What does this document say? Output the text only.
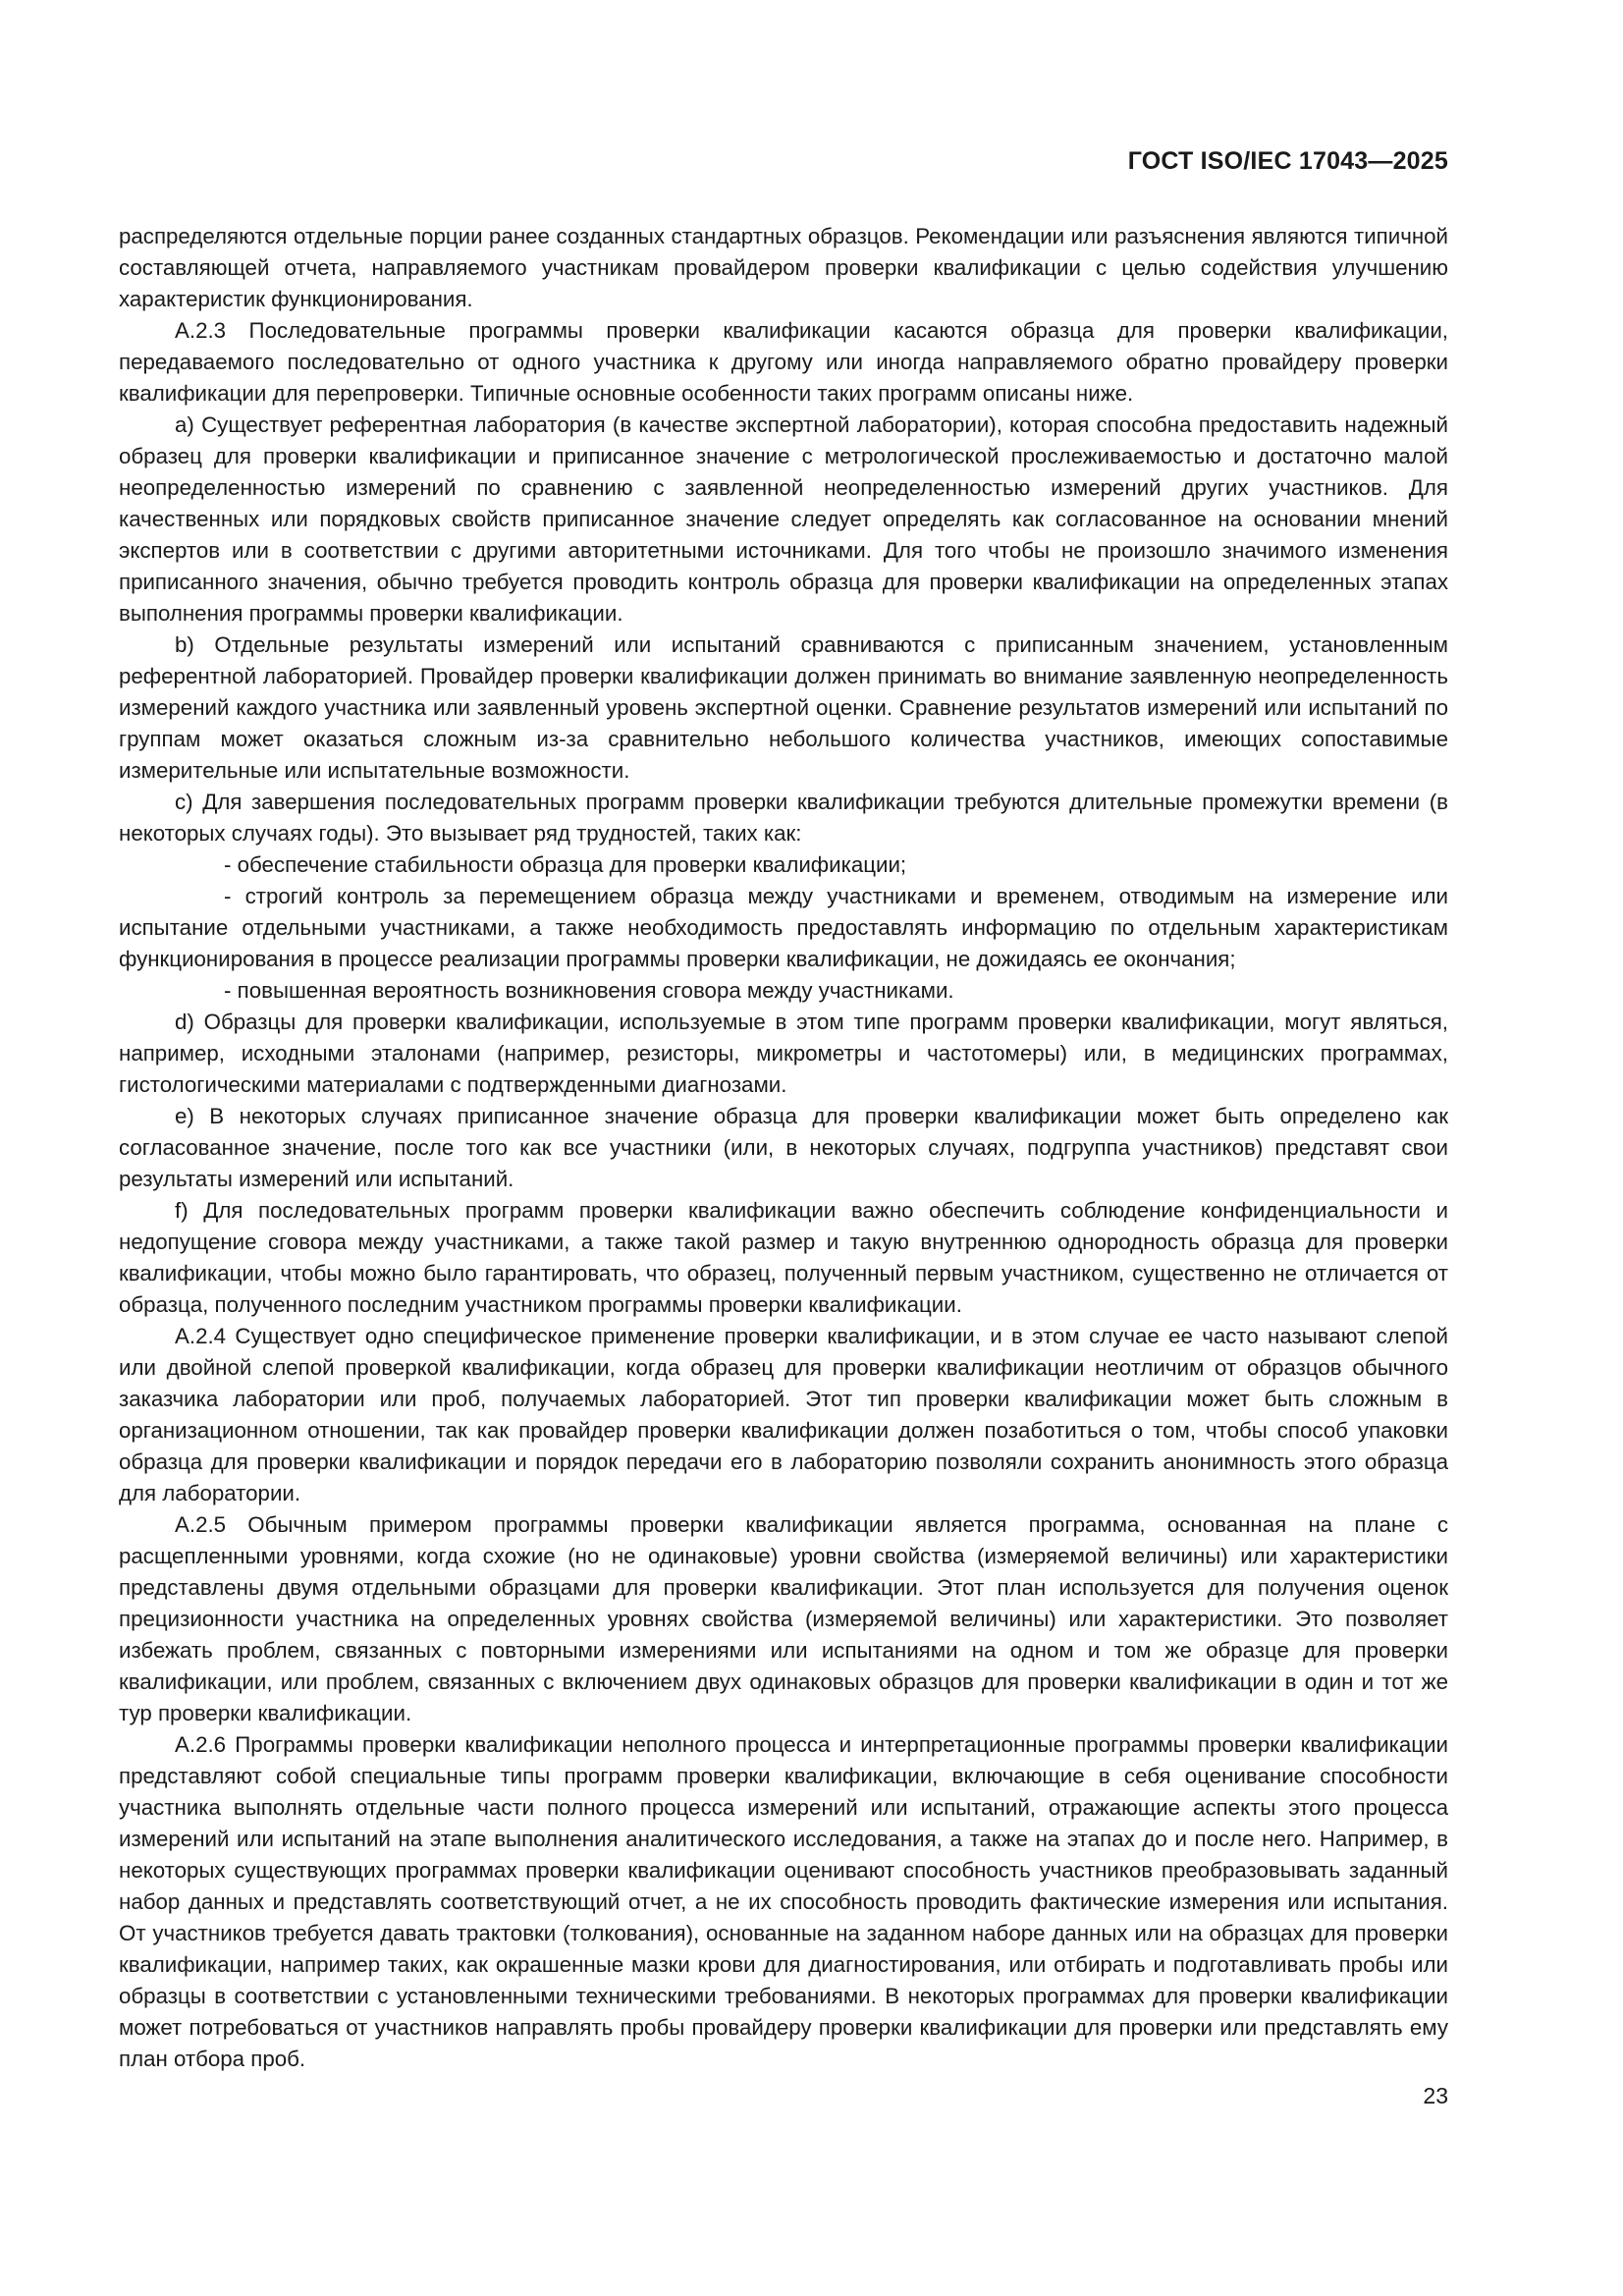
ГОСТ ISO/IEC 17043—2025

распределяются отдельные порции ранее созданных стандартных образцов. Рекомендации или разъяснения являются типичной составляющей отчета, направляемого участникам провайдером проверки квалификации с целью содействия улучшению характеристик функционирования.

А.2.3 Последовательные программы проверки квалификации касаются образца для проверки квалификации, передаваемого последовательно от одного участника к другому или иногда направляемого обратно провайдеру проверки квалификации для перепроверки. Типичные основные особенности таких программ описаны ниже.

a) Существует референтная лаборатория (в качестве экспертной лаборатории), которая способна предоставить надежный образец для проверки квалификации и приписанное значение с метрологической прослеживаемостью и достаточно малой неопределенностью измерений по сравнению с заявленной неопределенностью измерений других участников. Для качественных или порядковых свойств приписанное значение следует определять как согласованное на основании мнений экспертов или в соответствии с другими авторитетными источниками. Для того чтобы не произошло значимого изменения приписанного значения, обычно требуется проводить контроль образца для проверки квалификации на определенных этапах выполнения программы проверки квалификации.

b) Отдельные результаты измерений или испытаний сравниваются с приписанным значением, установленным референтной лабораторией. Провайдер проверки квалификации должен принимать во внимание заявленную неопределенность измерений каждого участника или заявленный уровень экспертной оценки. Сравнение результатов измерений или испытаний по группам может оказаться сложным из-за сравнительно небольшого количества участников, имеющих сопоставимые измерительные или испытательные возможности.

c) Для завершения последовательных программ проверки квалификации требуются длительные промежутки времени (в некоторых случаях годы). Это вызывает ряд трудностей, таких как:

- обеспечение стабильности образца для проверки квалификации;
- строгий контроль за перемещением образца между участниками и временем, отводимым на измерение или испытание отдельными участниками, а также необходимость предоставлять информацию по отдельным характеристикам функционирования в процессе реализации программы проверки квалификации, не дожидаясь ее окончания;
- повышенная вероятность возникновения сговора между участниками.

d) Образцы для проверки квалификации, используемые в этом типе программ проверки квалификации, могут являться, например, исходными эталонами (например, резисторы, микрометры и частотомеры) или, в медицинских программах, гистологическими материалами с подтвержденными диагнозами.

e) В некоторых случаях приписанное значение образца для проверки квалификации может быть определено как согласованное значение, после того как все участники (или, в некоторых случаях, подгруппа участников) представят свои результаты измерений или испытаний.

f) Для последовательных программ проверки квалификации важно обеспечить соблюдение конфиденциальности и недопущение сговора между участниками, а также такой размер и такую внутреннюю однородность образца для проверки квалификации, чтобы можно было гарантировать, что образец, полученный первым участником, существенно не отличается от образца, полученного последним участником программы проверки квалификации.

А.2.4 Существует одно специфическое применение проверки квалификации, и в этом случае ее часто называют слепой или двойной слепой проверкой квалификации, когда образец для проверки квалификации неотличим от образцов обычного заказчика лаборатории или проб, получаемых лабораторией. Этот тип проверки квалификации может быть сложным в организационном отношении, так как провайдер проверки квалификации должен позаботиться о том, чтобы способ упаковки образца для проверки квалификации и порядок передачи его в лабораторию позволяли сохранить анонимность этого образца для лаборатории.

А.2.5 Обычным примером программы проверки квалификации является программа, основанная на плане с расщепленными уровнями, когда схожие (но не одинаковые) уровни свойства (измеряемой величины) или характеристики представлены двумя отдельными образцами для проверки квалификации. Этот план используется для получения оценок прецизионности участника на определенных уровнях свойства (измеряемой величины) или характеристики. Это позволяет избежать проблем, связанных с повторными измерениями или испытаниями на одном и том же образце для проверки квалификации, или проблем, связанных с включением двух одинаковых образцов для проверки квалификации в один и тот же тур проверки квалификации.

А.2.6 Программы проверки квалификации неполного процесса и интерпретационные программы проверки квалификации представляют собой специальные типы программ проверки квалификации, включающие в себя оценивание способности участника выполнять отдельные части полного процесса измерений или испытаний, отражающие аспекты этого процесса измерений или испытаний на этапе выполнения аналитического исследования, а также на этапах до и после него. Например, в некоторых существующих программах проверки квалификации оценивают способность участников преобразовывать заданный набор данных и представлять соответствующий отчет, а не их способность проводить фактические измерения или испытания. От участников требуется давать трактовки (толкования), основанные на заданном наборе данных или на образцах для проверки квалификации, например таких, как окрашенные мазки крови для диагностирования, или отбирать и подготавливать пробы или образцы в соответствии с установленными техническими требованиями. В некоторых программах для проверки квалификации может потребоваться от участников направлять пробы провайдеру проверки квалификации для проверки или представлять ему план отбора проб.

23
